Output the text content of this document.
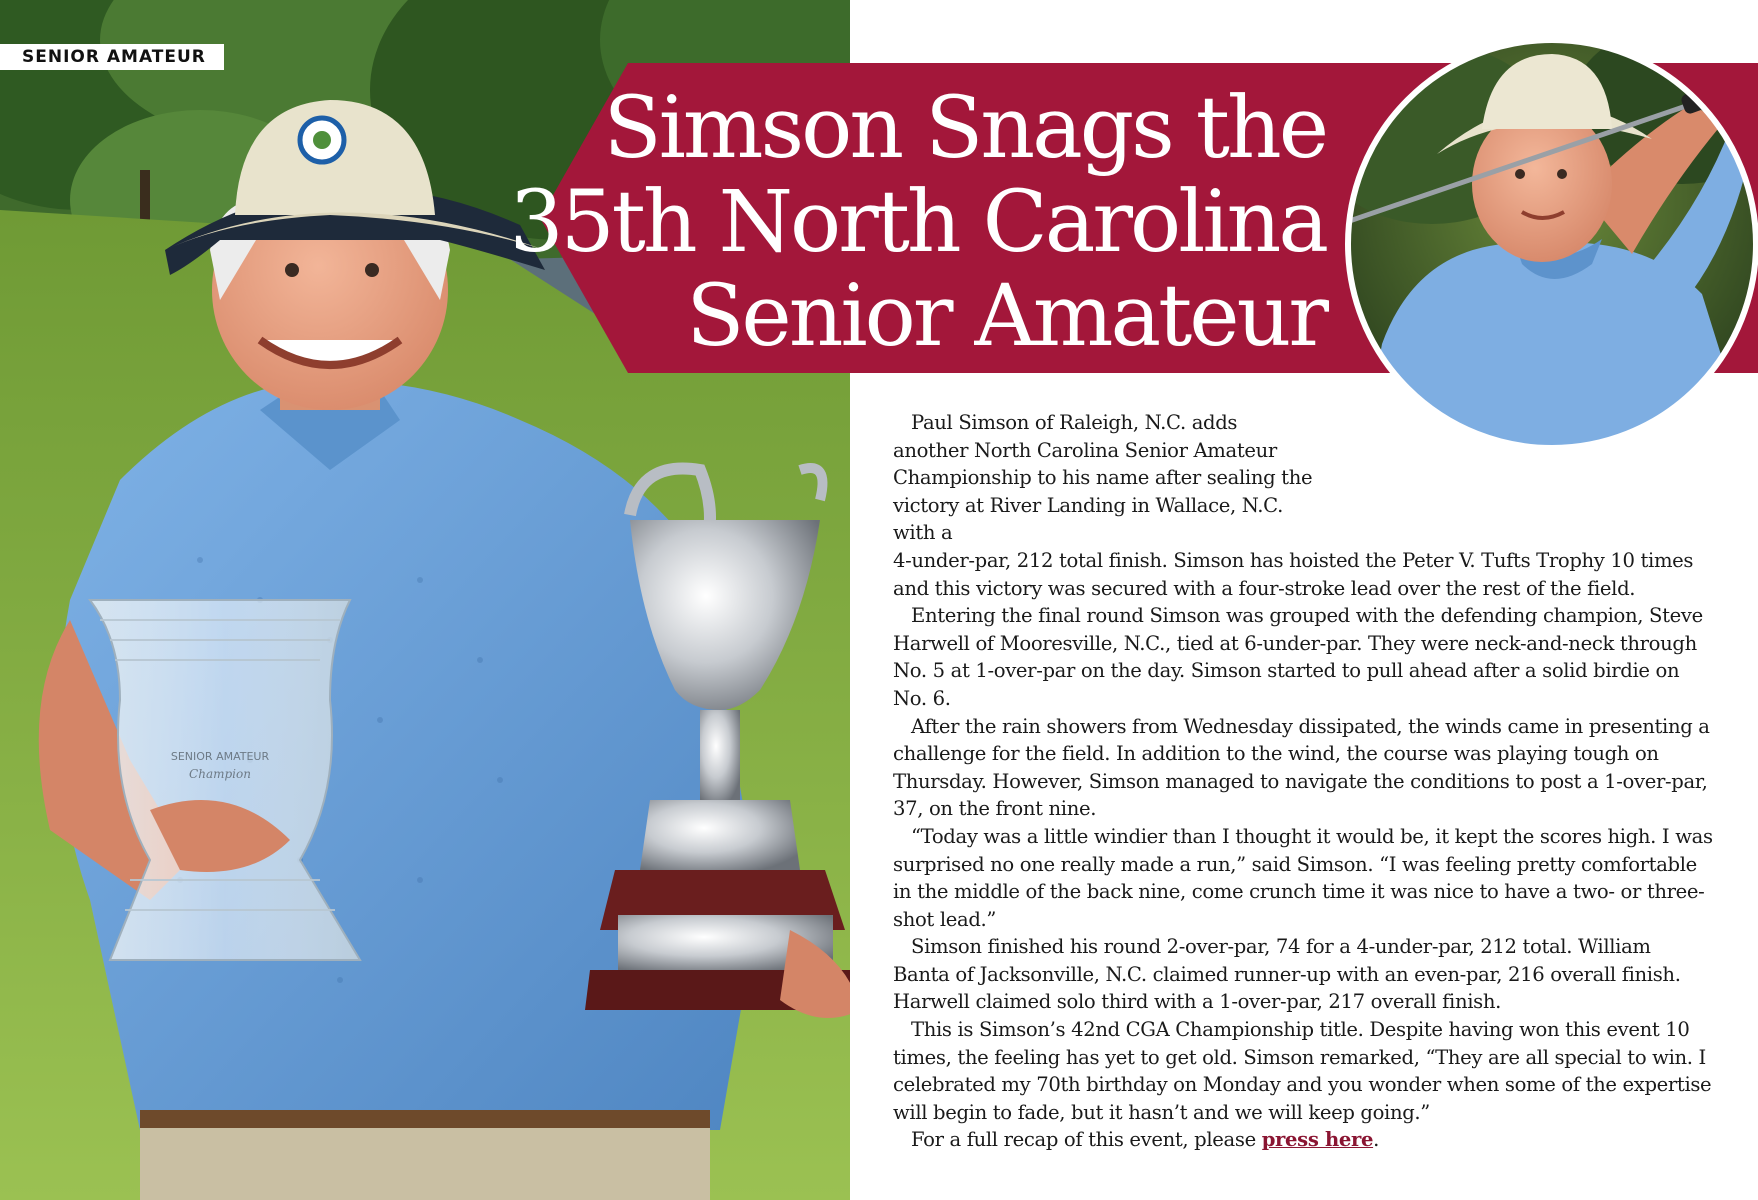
SENIOR AMATEUR
Champion
SENIOR AMATEUR
Simson Snags the
35th North Carolina
Senior Amateur

Paul Simson of Raleigh, N.C. adds another North Carolina Senior Amateur Championship to his name after sealing the victory at River Landing in Wallace, N.C. with a
4-under-par, 212 total finish. Simson has hoisted the Peter V. Tufts Trophy 10 times and this victory was secured with a four-stroke lead over the rest of the field.

Entering the final round Simson was grouped with the defending champion, Steve Harwell of Mooresville, N.C., tied at 6-under-par. They were neck-and-neck through No. 5 at 1-over-par on the day. Simson started to pull ahead after a solid birdie on No. 6.

After the rain showers from Wednesday dissipated, the winds came in presenting a challenge for the field. In addition to the wind, the course was playing tough on Thursday. However, Simson managed to navigate the conditions to post a 1-over-par, 37, on the front nine.

“Today was a little windier than I thought it would be, it kept the scores high. I was surprised no one really made a run,” said Simson. “I was feeling pretty comfortable in the middle of the back nine, come crunch time it was nice to have a two- or three-shot lead.”

Simson finished his round 2-over-par, 74 for a 4-under-par, 212 total. William Banta of Jacksonville, N.C. claimed runner-up with an even-par, 216 overall finish. Harwell claimed solo third with a 1-over-par, 217 overall finish.

This is Simson’s 42nd CGA Championship title. Despite having won this event 10 times, the feeling has yet to get old. Simson remarked, “They are all special to win. I celebrated my 70th birthday on Monday and you wonder when some of the expertise will begin to fade, but it hasn’t and we will keep going.”

For a full recap of this event, please press here.
